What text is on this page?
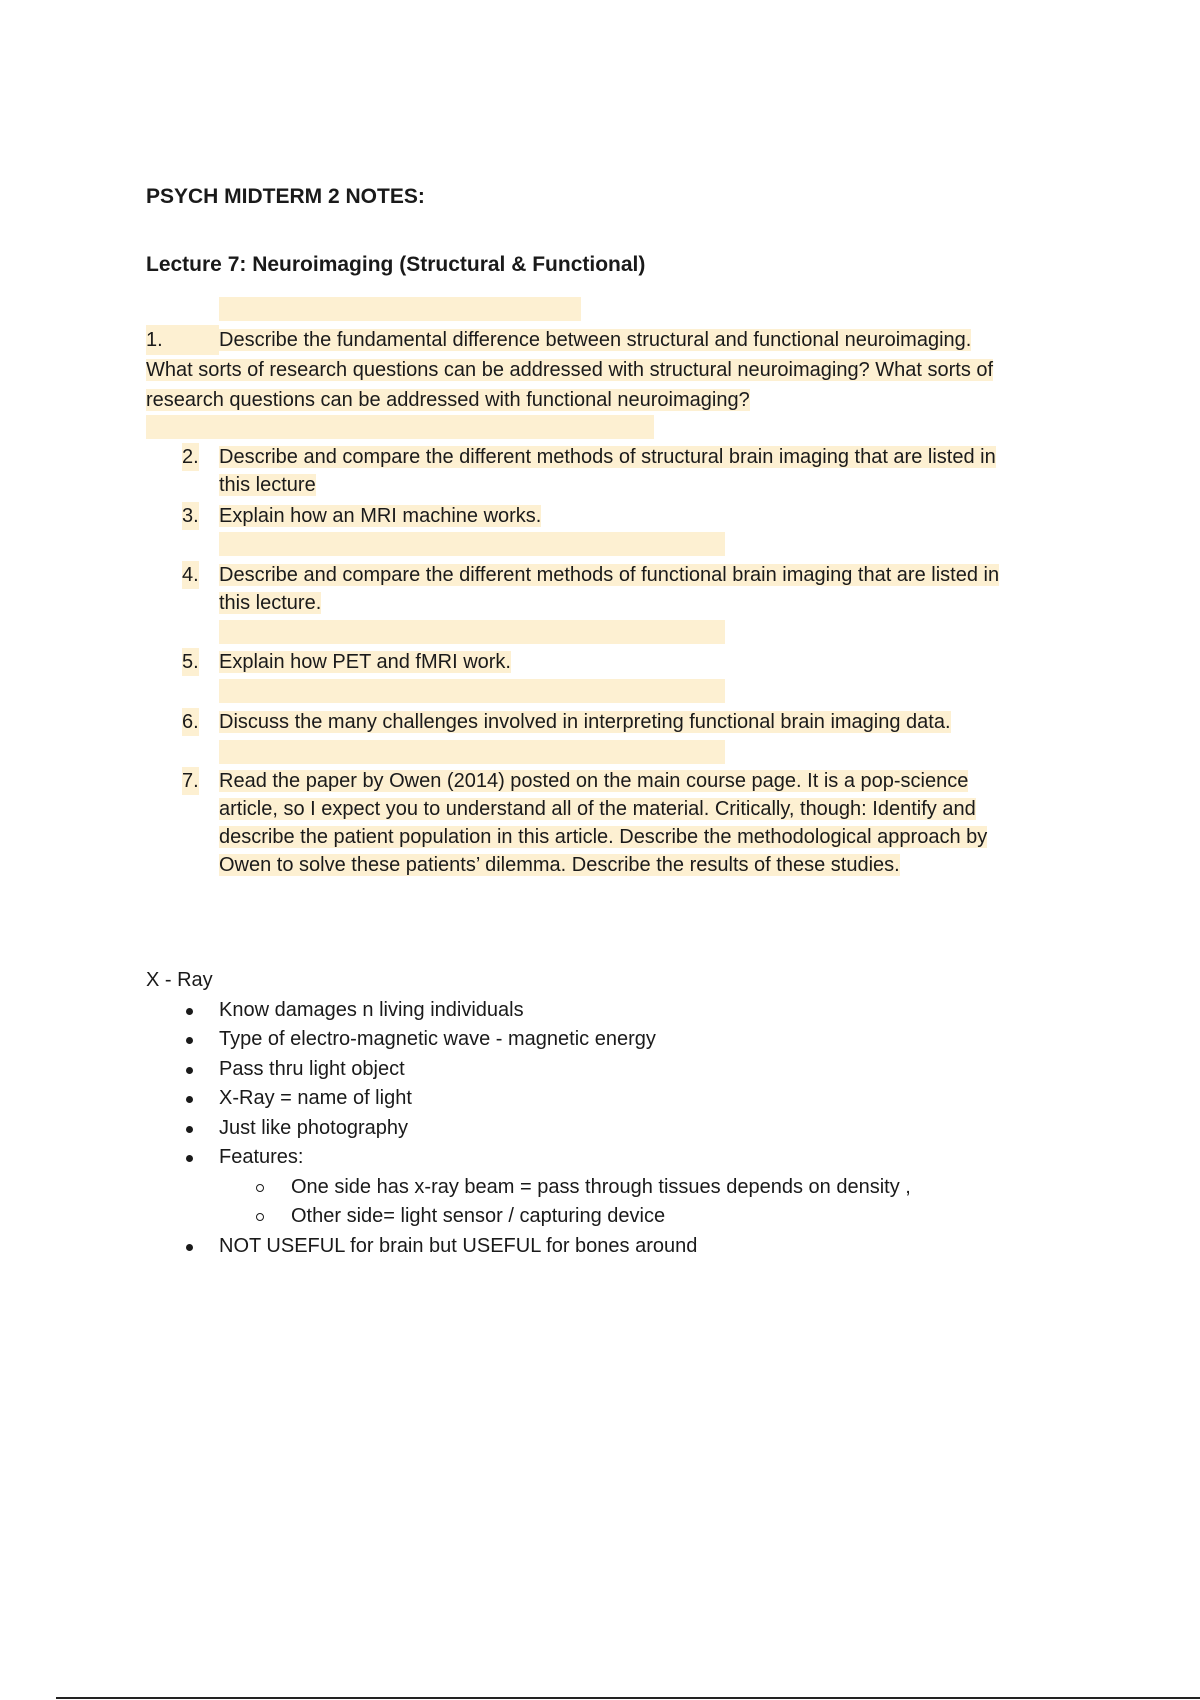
PSYCH MIDTERM 2 NOTES:
Lecture 7: Neuroimaging (Structural & Functional)
1.	Describe the fundamental difference between structural and functional neuroimaging.
What sorts of research questions can be addressed with structural neuroimaging? What sorts of
research questions can be addressed with functional neuroimaging?
2. Describe and compare the different methods of structural brain imaging that are listed in
this lecture
3. Explain how an MRI machine works.
4. Describe and compare the different methods of functional brain imaging that are listed in
this lecture.
5. Explain how PET and fMRI work.
6. Discuss the many challenges involved in interpreting functional brain imaging data.
7. Read the paper by Owen (2014) posted on the main course page. It is a pop-science
article, so I expect you to understand all of the material. Critically, though: Identify and
describe the patient population in this article. Describe the methodological approach by
Owen to solve these patients’ dilemma. Describe the results of these studies.
X - Ray
Know damages n living individuals
Type of electro-magnetic wave - magnetic energy
Pass thru light object
X-Ray = name of light
Just like photography
Features:
One side has x-ray beam = pass through tissues depends on density ,
Other side= light sensor / capturing device
NOT USEFUL for brain but USEFUL for bones around
